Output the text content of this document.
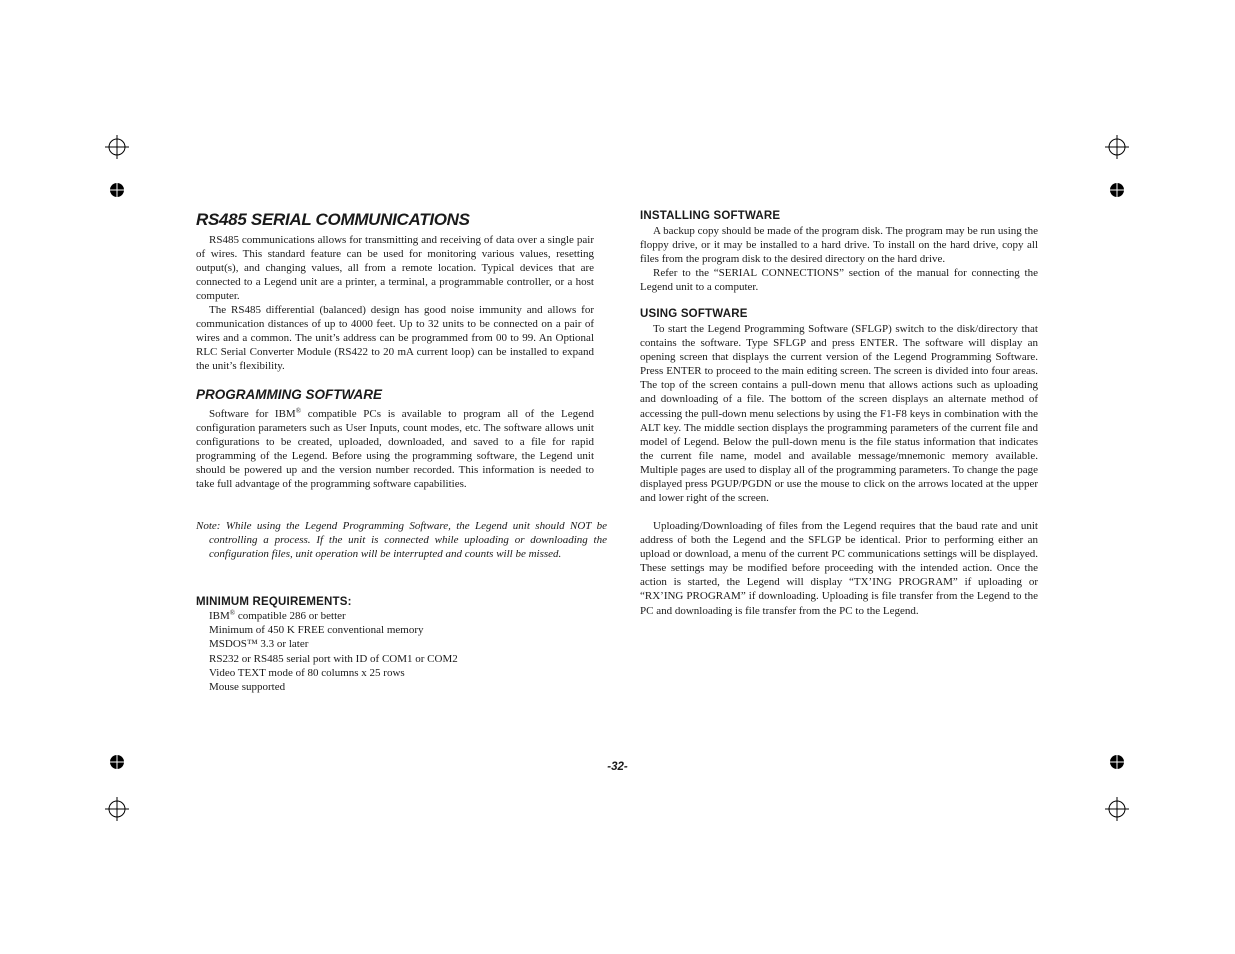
RS485 SERIAL COMMUNICATIONS

RS485 communications allows for transmitting and receiving of data over a single pair of wires. This standard feature can be used for monitoring various values, resetting output(s), and changing values, all from a remote location. Typical devices that are connected to a Legend unit are a printer, a terminal, a programmable controller, or a host computer.

The RS485 differential (balanced) design has good noise immunity and allows for communication distances of up to 4000 feet. Up to 32 units to be connected on a pair of wires and a common. The unit’s address can be programmed from 00 to 99. An Optional RLC Serial Converter Module (RS422 to 20 mA current loop) can be installed to expand the unit’s flexibility.

PROGRAMMING SOFTWARE

Software for IBM® compatible PCs is available to program all of the Legend configuration parameters such as User Inputs, count modes, etc. The software allows unit configurations to be created, uploaded, downloaded, and saved to a file for rapid programming of the Legend. Before using the programming software, the Legend unit should be powered up and the version number recorded. This information is needed to take full advantage of the programming software capabilities.

Note: While using the Legend Programming Software, the Legend unit should NOT be controlling a process. If the unit is connected while uploading or downloading the configuration files, unit operation will be interrupted and counts will be missed.

MINIMUM REQUIREMENTS:
IBM® compatible 286 or better
Minimum of 450 K FREE conventional memory
MSDOS™ 3.3 or later
RS232 or RS485 serial port with ID of COM1 or COM2
Video TEXT mode of 80 columns x 25 rows
Mouse supported
INSTALLING SOFTWARE

A backup copy should be made of the program disk. The program may be run using the floppy drive, or it may be installed to a hard drive. To install on the hard drive, copy all files from the program disk to the desired directory on the hard drive.

Refer to the “SERIAL CONNECTIONS” section of the manual for connecting the Legend unit to a computer.

USING SOFTWARE

To start the Legend Programming Software (SFLGP) switch to the disk/directory that contains the software. Type SFLGP and press ENTER. The software will display an opening screen that displays the current version of the Legend Programming Software. Press ENTER to proceed to the main editing screen. The screen is divided into four areas. The top of the screen contains a pull-down menu that allows actions such as uploading and downloading of a file. The bottom of the screen displays an alternate method of accessing the pull-down menu selections by using the F1-F8 keys in combination with the ALT key. The middle section displays the programming parameters of the current file and model of Legend. Below the pull-down menu is the file status information that indicates the current file name, model and available message/mnemonic memory available. Multiple pages are used to display all of the programming parameters. To change the page displayed press PGUP/PGDN or use the mouse to click on the arrows located at the upper and lower right of the screen.

Uploading/Downloading of files from the Legend requires that the baud rate and unit address of both the Legend and the SFLGP be identical. Prior to performing either an upload or download, a menu of the current PC communications settings will be displayed. These settings may be modified before proceeding with the intended action. Once the action is started, the Legend will display “TX’ING PROGRAM” if uploading or “RX’ING PROGRAM” if downloading. Uploading is file transfer from the Legend to the PC and downloading is file transfer from the PC to the Legend.

-32-
